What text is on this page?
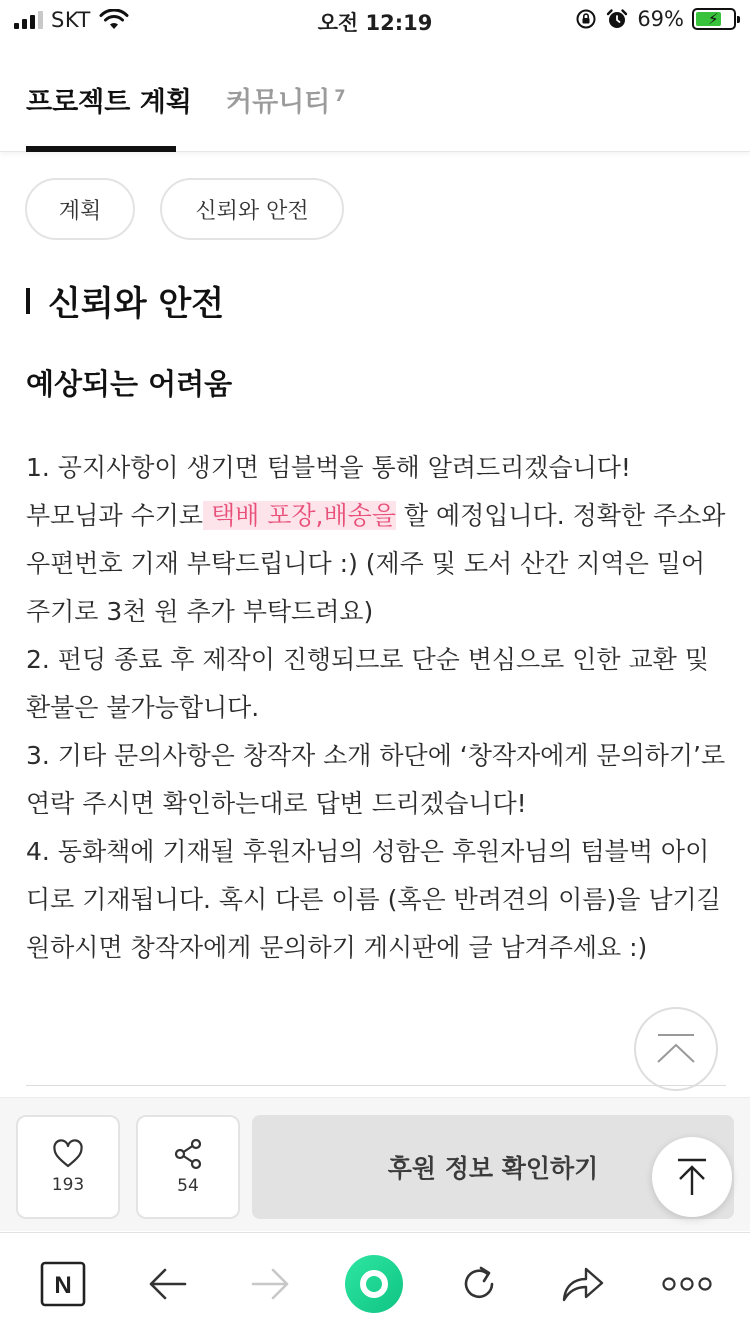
SKT	오전 12:19	69% ⚡
프로젝트 계획 커뮤니티 $^7$
계획	신뢰와 안전
신뢰와 안전
예상되는 어려움

1. 공지사항이 생기면 텀블벅을 통해 알려드리겠습니다!

부모님과 수기로 택배 포장,배송을 할 예정입니다. 정확한 주소와 우편번호 기재 부탁드립니다 :) (제주 및 도서 산간 지역은 밀어주기로 3천 원 추가 부탁드려요)

2. 펀딩 종료 후 제작이 진행되므로 단순 변심으로 인한 교환 및 환불은 불가능합니다.

3. 기타 문의사항은 창작자 소개 하단에 ‘창작자에게 문의하기’로 연락 주시면 확인하는대로 답변 드리겠습니다!

4. 동화책에 기재될 후원자님의 성함은 후원자님의 텀블벅 아이디로 기재됩니다. 혹시 다른 이름 (혹은 반려견의 이름)을 남기길 원하시면 창작자에게 문의하기 게시판에 글 남겨주세요 :)

193	54
후원 정보 확인하기
N
